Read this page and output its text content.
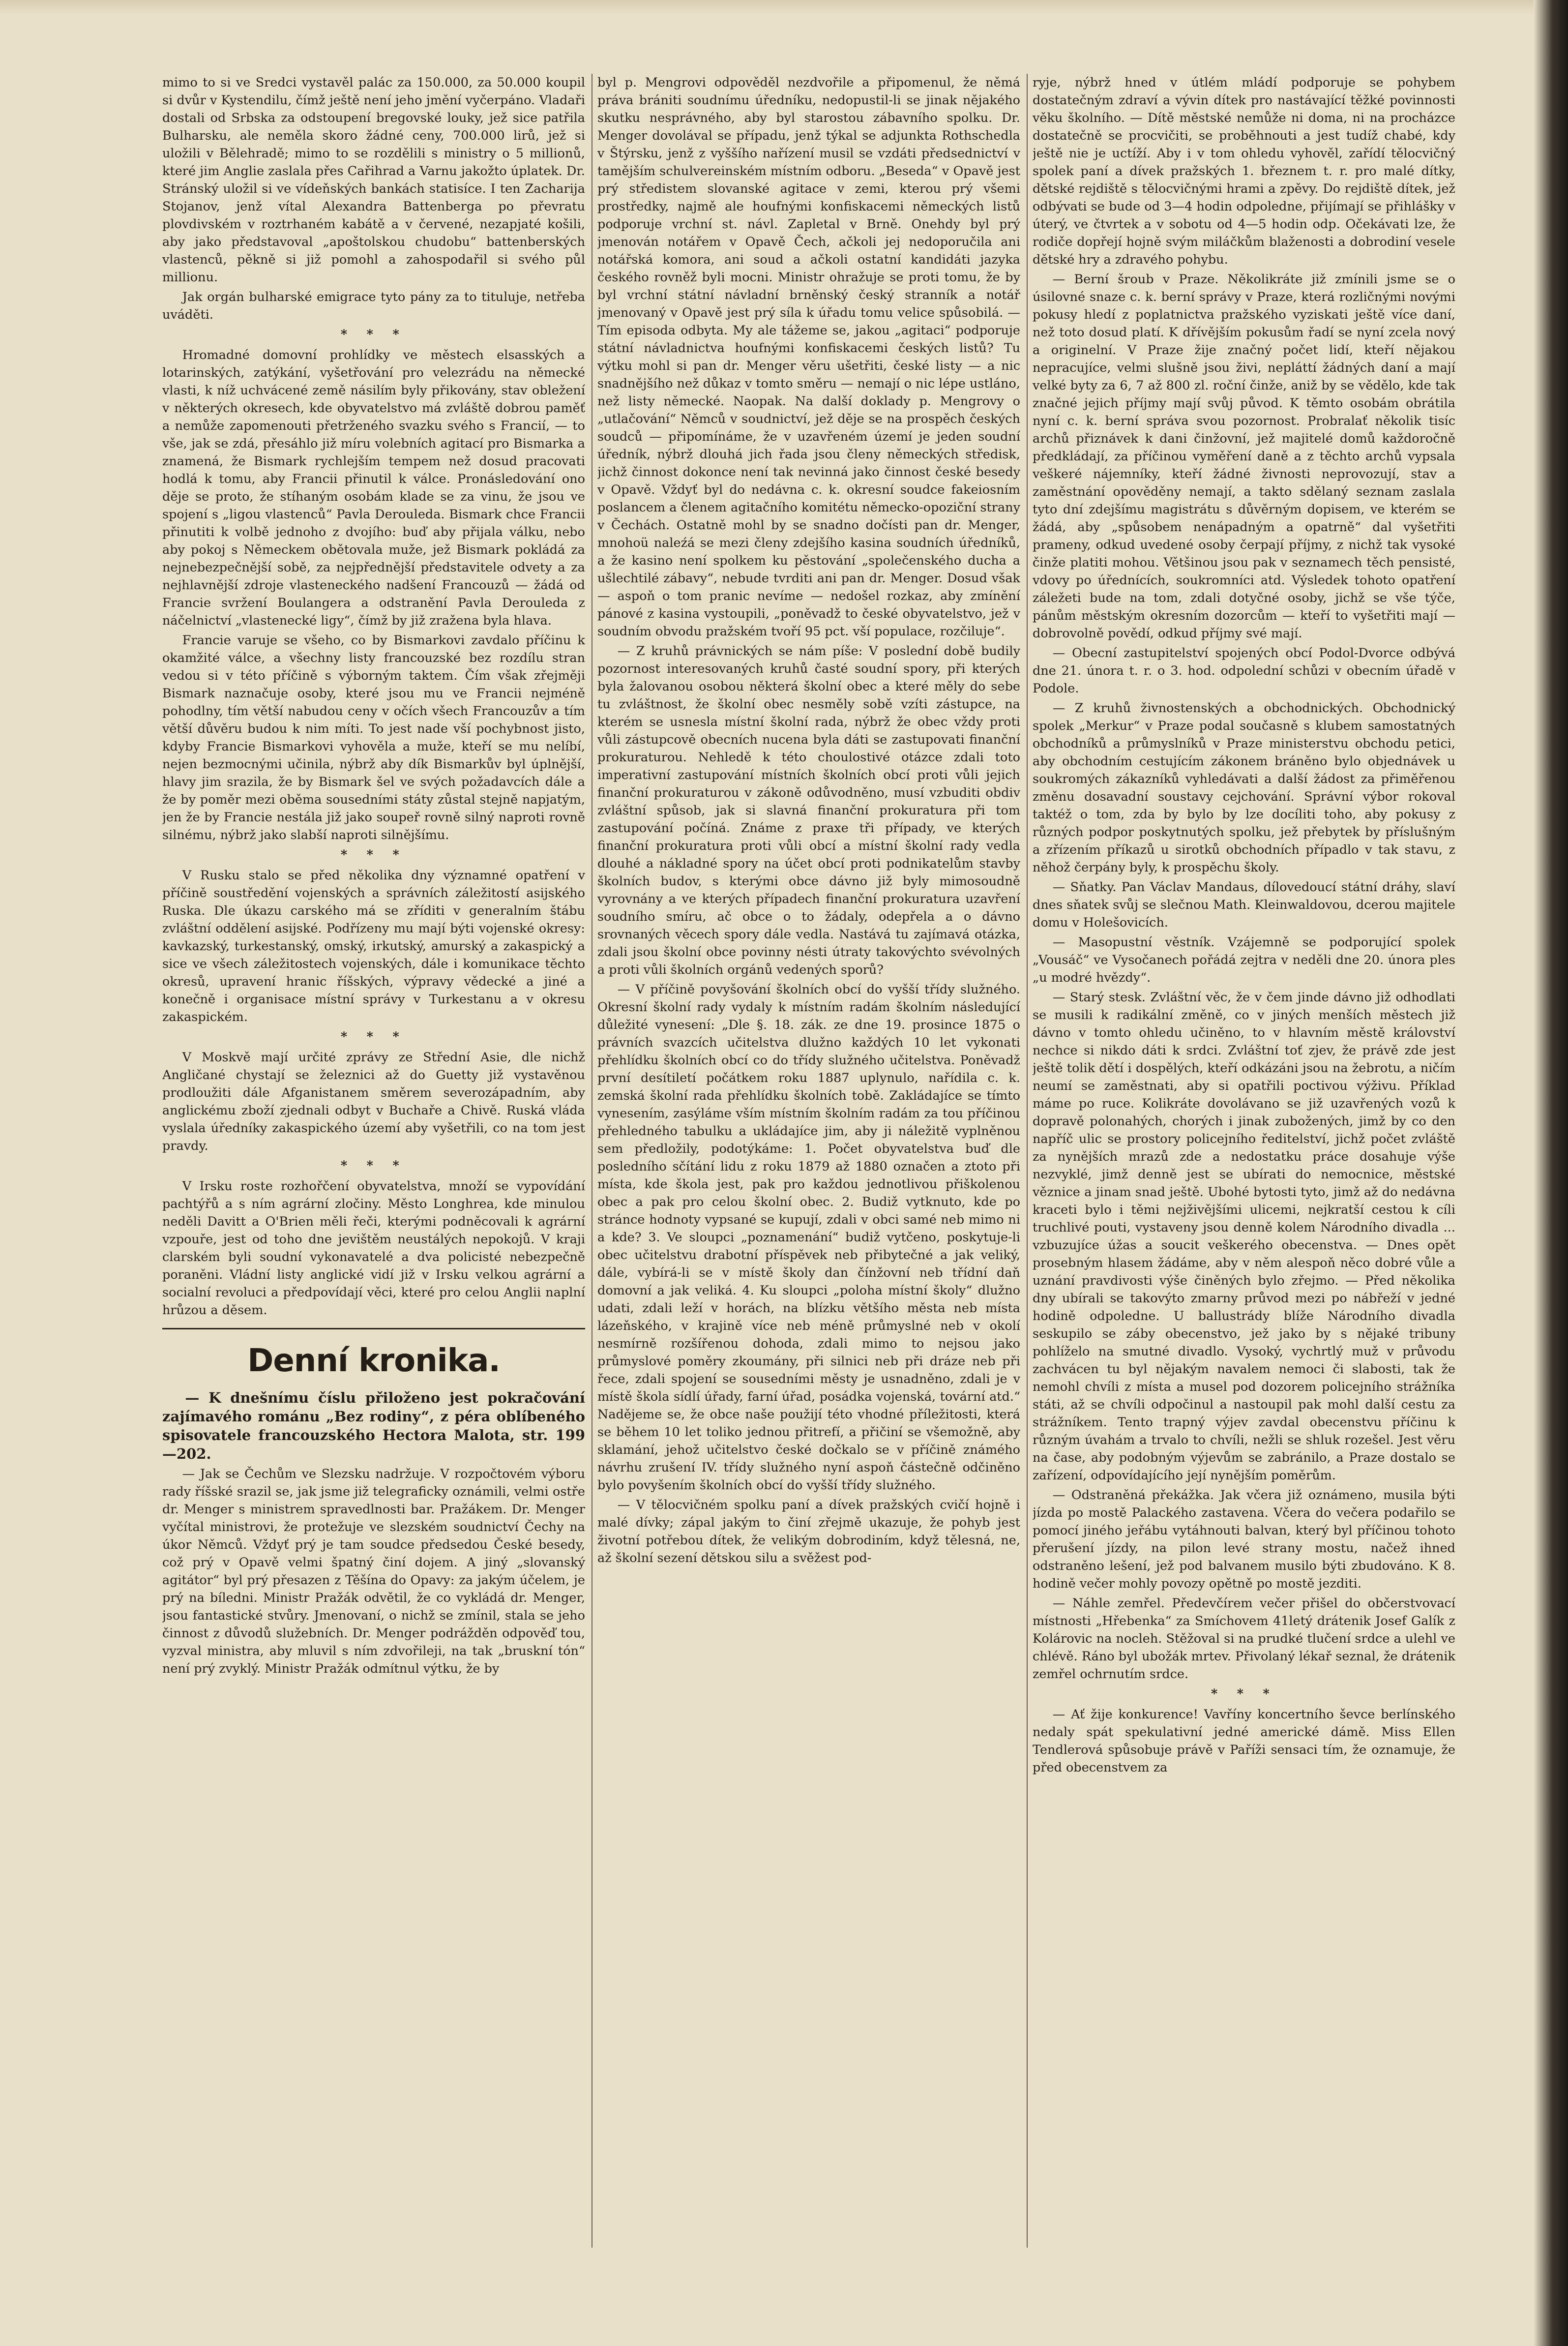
mimo to si ve Sredci vystavěl palác za 150.000, za 50.000 koupil si dvůr v Kystendilu, čímž ještě není jeho jmění vyčerpáno. Vladaři dostali od Srbska za odstoupení bregovské louky, jež sice patřila Bulharsku, ale neměla skoro žádné ceny, 700.000 lirů, jež si uložili v Bělehradě; mimo to se rozdělili s ministry o 5 millionů, které jim Anglie zaslala přes Cařihrad a Varnu jakožto úplatek. Dr. Stránský uložil si ve vídeňských bankách statisíce. I ten Zacharija Stojanov, jenž vítal Alexandra Battenberga po převratu plovdivském v roztrhaném kabátě a v červené, nezapjaté košili, aby jako představoval „apoštolskou chudobu“ battenberských vlastenců, pěkně si již pomohl a zahospodařil si svého půl millionu.

Jak orgán bulharské emigrace tyto pány za to tituluje, netřeba uváděti.

* * *

Hromadné domovní prohlídky ve městech elsasských a lotarinských, zatýkání, vyšetřování pro velezrádu na německé vlasti, k níž uchvácené země násilím byly přikovány, stav obležení v některých okresech, kde obyvatelstvo má zvláště dobrou paměť a nemůže zapomenouti přetrženého svazku svého s Francií, — to vše, jak se zdá, přesáhlo již míru volebních agitací pro Bismarka a znamená, že Bismark rychlejším tempem než dosud pracovati hodlá k tomu, aby Francii přinutil k válce. Pronásledování ono děje se proto, že stíhaným osobám klade se za vinu, že jsou ve spojení s „ligou vlastenců“ Pavla Derouleda. Bismark chce Francii přinutiti k volbě jednoho z dvojího: buď aby přijala válku, nebo aby pokoj s Německem obětovala muže, jež Bismark pokládá za nejnebezpečnější sobě, za nejpřednější představitele odvety a za nejhlavnější zdroje vlasteneckého nadšení Francouzů — žádá od Francie svržení Boulangera a odstranění Pavla Derouleda z náčelnictví „vlastenecké ligy“, čímž by již zražena byla hlava.

Francie varuje se všeho, co by Bismarkovi zavdalo příčinu k okamžité válce, a všechny listy francouzské bez rozdílu stran vedou si v této příčině s výborným taktem. Čím však zřejměji Bismark naznačuje osoby, které jsou mu ve Francii nejméně pohodlny, tím větší nabudou ceny v očích všech Francouzův a tím větší důvěru budou k nim míti. To jest nade vší pochybnost jisto, kdyby Francie Bismarkovi vyhověla a muže, kteří se mu nelíbí, nejen bezmocnými učinila, nýbrž aby dík Bismarkův byl úplnější, hlavy jim srazila, že by Bismark šel ve svých požadavcích dále a že by poměr mezi oběma sousedními státy zůstal stejně napjatým, jen že by Francie nestála již jako soupeř rovně silný naproti rovně silnému, nýbrž jako slabší naproti silnějšímu.

* * *

V Rusku stalo se před několika dny významné opatření v příčině soustředění vojenských a správních záležitostí asijského Ruska. Dle úkazu carského má se zříditi v generalním štábu zvláštní oddělení asijské. Podřízeny mu mají býti vojenské okresy: kavkazský, turkestanský, omský, irkutský, amurský a zakaspický a sice ve všech záležitostech vojenských, dále i komunikace těchto okresů, upravení hranic říšských, výpravy vědecké a jiné a konečně i organisace místní správy v Turkestanu a v okresu zakaspickém.

* * *

V Moskvě mají určité zprávy ze Střední Asie, dle nichž Angličané chystají se železnici až do Guetty již vystavěnou prodloužiti dále Afganistanem směrem severozápadním, aby anglickému zboží zjednali odbyt v Buchaře a Chivě. Ruská vláda vyslala úředníky zakaspického území aby vyšetřili, co na tom jest pravdy.

* * *

V Irsku roste rozhořčení obyvatelstva, množí se vypovídání pachtýřů a s ním agrární zločiny. Město Longhrea, kde minulou neděli Davitt a O'Brien měli řeči, kterými podněcovali k agrární vzpouře, jest od toho dne jevištěm neustálých nepokojů. V kraji clarském byli soudní vykonavatelé a dva policisté nebezpečně poraněni. Vládní listy anglické vidí již v Irsku velkou agrární a socialní revoluci a předpovídají věci, které pro celou Anglii naplní hrůzou a děsem.

Denní kronika.

— K dnešnímu číslu přiloženo jest pokračování zajímavého románu „Bez rodiny“, z péra oblíbeného spisovatele francouzského Hectora Malota, str. 199—202.

— Jak se Čechům ve Slezsku nadržuje. V rozpočtovém výboru rady říšské srazil se, jak jsme již telegraficky oznámili, velmi ostře dr. Menger s ministrem spravedlnosti bar. Pražákem. Dr. Menger vyčítal ministrovi, že protežuje ve slezském soudnictví Čechy na úkor Němců. Vždyť prý je tam soudce předsedou České besedy, což prý v Opavě velmi špatný činí dojem. A jiný „slovanský agitátor“ byl prý přesazen z Těšína do Opavy: za jakým účelem, je prý na bíledni. Ministr Pražák odvětil, že co vykládá dr. Menger, jsou fantastické stvůry. Jmenovaní, o nichž se zmínil, stala se jeho činnost z důvodů služebních. Dr. Menger podrážděn odpověď tou, vyzval ministra, aby mluvil s ním zdvořileji, na tak „bruskní tón“ není prý zvyklý. Ministr Pražák odmítnul výtku, že by

byl p. Mengrovi odpověděl nezdvořile a připomenul, že němá práva brániti soudnímu úředníku, nedopustil-li se jinak nějakého skutku nesprávného, aby byl starostou zábavního spolku. Dr. Menger dovolával se případu, jenž týkal se adjunkta Rothschedla v Štýrsku, jenž z vyššího nařízení musil se vzdáti předsednictví v tamějším schulvereinském místním odboru. „Beseda“ v Opavě jest prý středistem slovanské agitace v zemi, kterou prý všemi prostředky, najmě ale houfnými konfiskacemi německých listů podporuje vrchní st. návl. Zapletal v Brně. Onehdy byl prý jmenován notářem v Opavě Čech, ačkoli jej nedoporučila ani notářská komora, ani soud a ačkoli ostatní kandidáti jazyka českého rovněž byli mocni. Ministr ohražuje se proti tomu, že by byl vrchní státní návladní brněnský český stranník a notář jmenovaný v Opavě jest prý síla k úřadu tomu velice spůsobilá. — Tím episoda odbyta. My ale tážeme se, jakou „agitaci“ podporuje státní návladnictva houfnými konfiskacemi českých listů? Tu výtku mohl si pan dr. Menger věru ušetřiti, české listy — a nic snadnějšího než důkaz v tomto směru — nemají o nic lépe ustláno, než listy německé. Naopak. Na další doklady p. Mengrovy o „utlačování“ Němců v soudnictví, jež děje se na prospěch českých soudců — připomínáme, že v uzavřeném území je jeden soudní úředník, nýbrž dlouhá jich řada jsou členy německých středisk, jichž činnost dokonce není tak nevinná jako činnost české besedy v Opavě. Vždyť byl do nedávna c. k. okresní soudce fakeiosním poslancem a členem agitačního komitétu německo-opoziční strany v Čechách. Ostatně mohl by se snadno dočísti pan dr. Menger, mnohoü naleźá se mezi členy zdejšího kasina soudních úředníků, a že kasino není spolkem ku pěstování „společenského ducha a ušlechtilé zábavy“, nebude tvrditi ani pan dr. Menger. Dosud však — aspoň o tom pranic nevíme — nedošel rozkaz, aby zmínění pánové z kasina vystoupili, „poněvadž to české obyvatelstvo, jež v soudním obvodu pražském tvoří 95 pct. vší populace, rozčiluje“.

— Z kruhů právnických se nám píše: V poslední době budily pozornost interesovaných kruhů časté soudní spory, při kterých byla žalovanou osobou některá školní obec a které měly do sebe tu zvláštnost, že školní obec nesměly sobě vzíti zástupce, na kterém se usnesla místní školní rada, nýbrž že obec vždy proti vůli zástupcově obecních nucena byla dáti se zastupovati finanční prokuraturou. Nehledě k této choulostivé otázce zdali toto imperativní zastupování místních školních obcí proti vůli jejich finanční prokuraturou v zákoně odůvodněno, musí vzbuditi obdiv zvláštní spůsob, jak si slavná finanční prokuratura při tom zastupování počíná. Známe z praxe tři případy, ve kterých finanční prokuratura proti vůli obcí a místní školní rady vedla dlouhé a nákladné spory na účet obcí proti podnikatelům stavby školních budov, s kterými obce dávno již byly mimosoudně vyrovnány a ve kterých případech finanční prokuratura uzavření soudního smíru, ač obce o to žádaly, odepřela a o dávno srovnaných věcech spory dále vedla. Nastává tu zajímavá otázka, zdali jsou školní obce povinny nésti útraty takovýchto svévolných a proti vůli školních orgánů vedených sporů?

— V příčině povyšování školních obcí do vyšší třídy služného. Okresní školní rady vydaly k místním radám školním následující důležité vynesení: „Dle §. 18. zák. ze dne 19. prosince 1875 o právních svazcích učitelstva dlužno každých 10 let vykonati přehlídku školních obcí co do třídy služného učitelstva. Poněvadž první desítiletí počátkem roku 1887 uplynulo, nařídila c. k. zemská školní rada přehlídku školních tobě. Zakládajíce se tímto vynesením, zasýláme vším místním školním radám za tou příčinou přehledného tabulku a ukládajíce jim, aby ji náležitě vyplněnou sem předložily, podotýkáme: 1. Počet obyvatelstva buď dle posledního sčítání lidu z roku 1879 až 1880 označen a ztoto při místa, kde škola jest, pak pro každou jednotlivou přiškolenou obec a pak pro celou školní obec. 2. Budiž vytknuto, kde po stránce hodnoty vypsané se kupují, zdali v obci samé neb mimo ni a kde? 3. Ve sloupci „poznamenání“ budiž vytčeno, poskytuje-li obec učitelstvu drabotní příspěvek neb přibytečné a jak veliký, dále, vybírá-li se v místě školy dan čínžovní neb třídní daň domovní a jak veliká. 4. Ku sloupci „poloha místní školy“ dlužno udati, zdali leží v horách, na blízku většího města neb místa lázeňského, v krajině více neb méně průmyslné neb v okolí nesmírně rozšířenou dohoda, zdali mimo to nejsou jako průmyslové poměry zkoumány, při silnici neb při dráze neb při řece, zdali spojení se sousedními městy je usnadněno, zdali je v místě škola sídlí úřady, farní úřad, posádka vojenská, tovární atd.“ Nadějeme se, že obce naše použijí této vhodné příležitosti, která se během 10 let toliko jednou přitrefí, a přičiní se všemožně, aby sklamání, jehož učitelstvo české dočkalo se v příčině známého návrhu zrušení IV. třídy služného nyní aspoň částečně odčiněno bylo povyšením školních obcí do vyšší třídy služného.

— V tělocvičném spolku paní a dívek pražských cvičí hojně i malé dívky; zápal jakým to činí zřejmě ukazuje, že pohyb jest životní potřebou dítek, že velikým dobrodiním, když tělesná, ne, až školní sezení dětskou silu a svěžest pod-

ryje, nýbrž hned v útlém mládí podporuje se pohybem dostatečným zdraví a vývin dítek pro nastávající těžké povinnosti věku školního. — Dítě městské nemůže ni doma, ni na procházce dostatečně se procvičiti, se proběhnouti a jest tudíž chabé, kdy ještě nie je uctíží. Aby i v tom ohledu vyhověl, zařídí tělocvičný spolek paní a dívek pražských 1. březnem t. r. pro malé dítky, dětské rejdiště s tělocvičnými hrami a zpěvy. Do rejdiště dítek, jež odbývati se bude od 3—4 hodin odpoledne, přijímají se přihlášky v úterý, ve čtvrtek a v sobotu od 4—5 hodin odp. Očekávati lze, že rodiče dopřejí hojně svým miláčkům blaženosti a dobrodiní vesele dětské hry a zdravého pohybu.

— Berní šroub v Praze. Několikráte již zmínili jsme se o úsilovné snaze c. k. berní správy v Praze, která rozličnými novými pokusy hledí z poplatnictva pražského vyziskati ještě více daní, než toto dosud platí. K dřívějším pokusům řadí se nyní zcela nový a originelní. V Praze žije značný počet lidí, kteří nějakou nepracujíce, velmi slušně jsou živi, nepláttí žádných daní a mají velké byty za 6, 7 až 800 zl. roční činže, aniž by se vědělo, kde tak značné jejich příjmy mají svůj původ. K těmto osobám obrátila nyní c. k. berní správa svou pozornost. Probralať několik tisíc archů přiznávek k dani činžovní, jež majitelé domů každoročně předkládají, za příčinou vyměření daně a z těchto archů vypsala veškeré nájemníky, kteří žádné živnosti neprovozují, stav a zaměstnání opověděny nemají, a takto sdělaný seznam zaslala tyto dní zdejšímu magistrátu s důvěrným dopisem, ve kterém se žádá, aby „spůsobem nenápadným a opatrně“ dal vyšetřiti prameny, odkud uvedené osoby čerpají příjmy, z nichž tak vysoké činže platiti mohou. Většinou jsou pak v seznamech těch pensisté, vdovy po úřednících, soukromníci atd. Výsledek tohoto opatření záležeti bude na tom, zdali dotyčné osoby, jichž se vše týče, pánům městským okresním dozorcům — kteří to vyšetřiti mají — dobrovolně povědí, odkud příjmy své mají.

— Obecní zastupitelství spojených obcí Podol-Dvorce odbývá dne 21. února t. r. o 3. hod. odpolední schůzi v obecním úřadě v Podole.

— Z kruhů živnostenských a obchodnických. Obchodnický spolek „Merkur“ v Praze podal současně s klubem samostatných obchodníků a průmyslníků v Praze ministerstvu obchodu petici, aby obchodním cestujícím zákonem bráněno bylo objednávek u soukromých zákazníků vyhledávati a další žádost za přiměřenou změnu dosavadní soustavy cejchování. Správní výbor rokoval taktéž o tom, zda by bylo by lze docíliti toho, aby pokusy z různých podpor poskytnutých spolku, jež přebytek by příslušným a zřízením příkazů u sirotků obchodních případlo v tak stavu, z něhož čerpány byly, k prospěchu školy.

— Sňatky. Pan Václav Mandaus, dílovedoucí státní dráhy, slaví dnes sňatek svůj se slečnou Math. Kleinwaldovou, dcerou majitele domu v Holešovicích.

— Masopustní věstník. Vzájemně se podporující spolek „Vousáč“ ve Vysočanech pořádá zejtra v neděli dne 20. února ples „u modré hvězdy“.

— Starý stesk. Zvláštní věc, že v čem jinde dávno již odhodlati se musili k radikální změně, co v jiných menších městech již dávno v tomto ohledu učiněno, to v hlavním městě království nechce si nikdo dáti k srdci. Zvláštní toť zjev, že právě zde jest ještě tolik dětí i dospělých, kteří odkázáni jsou na žebrotu, a ničím neumí se zaměstnati, aby si opatřili poctivou výživu. Příklad máme po ruce. Kolikráte dovolávano se již uzavřených vozů k dopravě polonahých, chorých i jinak zubožených, jimž by co den napříč ulic se prostory policejního ředitelství, jichž počet zvláště za nynějších mrazů zde a nedostatku práce dosahuje výše nezvyklé, jimž denně jest se ubírati do nemocnice, městské věznice a jinam snad ještě. Ubohé bytosti tyto, jimž až do nedávna kraceti bylo i těmi nejživějšími ulicemi, nejkratší cestou k cíli truchlivé pouti, vystaveny jsou denně kolem Národního divadla ... vzbuzujíce úžas a soucit veškerého obecenstva. — Dnes opět prosebným hlasem žádáme, aby v něm alespoň něco dobré vůle a uznání pravdivosti výše činěných bylo zřejmo. — Před několika dny ubírali se takovýto zmarny průvod mezi po nábřeží v jedné hodině odpoledne. U ballustrády blíže Národního divadla seskupilo se záby obecenstvo, jež jako by s nějaké tribuny pohlíželo na smutné divadlo. Vysoký, vychrtlý muž v průvodu zachvácen tu byl nějakým navalem nemoci či slabosti, tak že nemohl chvíli z místa a musel pod dozorem policejního strážníka státi, až se chvíli odpočinul a nastoupil pak mohl další cestu za strážníkem. Tento trapný výjev zavdal obecenstvu příčinu k různým úvahám a trvalo to chvíli, nežli se shluk rozešel. Jest věru na čase, aby podobným výjevům se zabránilo, a Praze dostalo se zařízení, odpovídajícího její nynějším poměrům.

— Odstraněná překážka. Jak včera již oznámeno, musila býti jízda po mostě Palackého zastavena. Včera do večera podařilo se pomocí jiného jeřábu vytáhnouti balvan, který byl příčinou tohoto přerušení jízdy, na pilon levé strany mostu, načež ihned odstraněno lešení, jež pod balvanem musilo býti zbudováno. K 8. hodině večer mohly povozy opětně po mostě jezditi.

— Náhle zemřel. Předevčírem večer přišel do občerstvovací místnosti „Hřebenka“ za Smíchovem 41letý drátenik Josef Galík z Kolárovic na nocleh. Stěžoval si na prudké tlučení srdce a ulehl ve chlévě. Ráno byl ubožák mrtev. Přivolaný lékař seznal, že drátenik zemřel ochrnutím srdce.

* * *

— Ať žije konkurence! Vavříny koncertního ševce berlínského nedaly spát spekulativní jedné americké dámě. Miss Ellen Tendlerová spůsobuje právě v Paříži sensaci tím, že oznamuje, že před obecenstvem za
